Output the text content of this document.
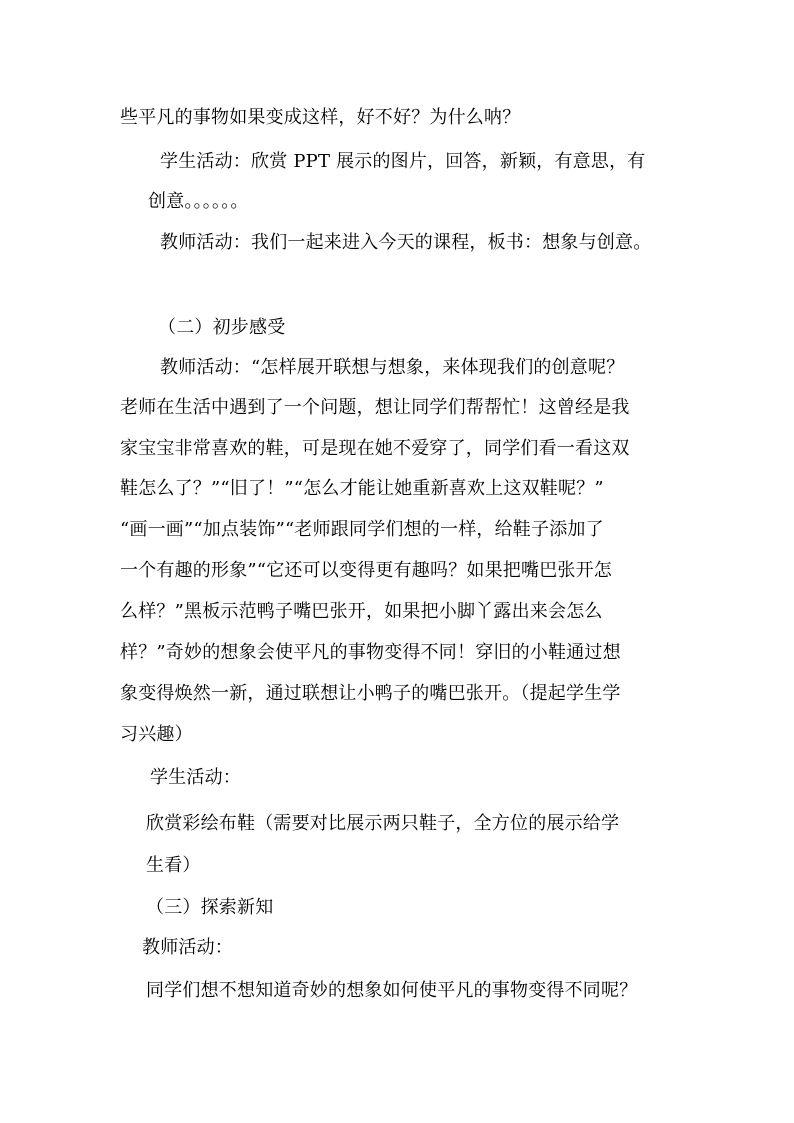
些平凡的事物如果变成这样，好不好？为什么呐？
学生活动：欣赏 PPT 展示的图片，回答，新颖，有意思，有
创意。。。。。。
教师活动：我们一起来进入今天的课程，板书：想象与创意。
（二）初步感受
教师活动：“怎样展开联想与想象，来体现我们的创意呢？
老师在生活中遇到了一个问题，想让同学们帮帮忙！这曾经是我
家宝宝非常喜欢的鞋，可是现在她不爱穿了，同学们看一看这双
鞋怎么了？”“旧了！”“怎么才能让她重新喜欢上这双鞋呢？”
“画一画”“加点装饰”“老师跟同学们想的一样，给鞋子添加了
一个有趣的形象”“它还可以变得更有趣吗？如果把嘴巴张开怎
么样？”黑板示范鸭子嘴巴张开，如果把小脚丫露出来会怎么
样？”奇妙的想象会使平凡的事物变得不同！穿旧的小鞋通过想
象变得焕然一新，通过联想让小鸭子的嘴巴张开。（提起学生学
习兴趣）
学生活动：
欣赏彩绘布鞋（需要对比展示两只鞋子，全方位的展示给学
生看）
（三）探索新知
教师活动：
同学们想不想知道奇妙的想象如何使平凡的事物变得不同呢？
